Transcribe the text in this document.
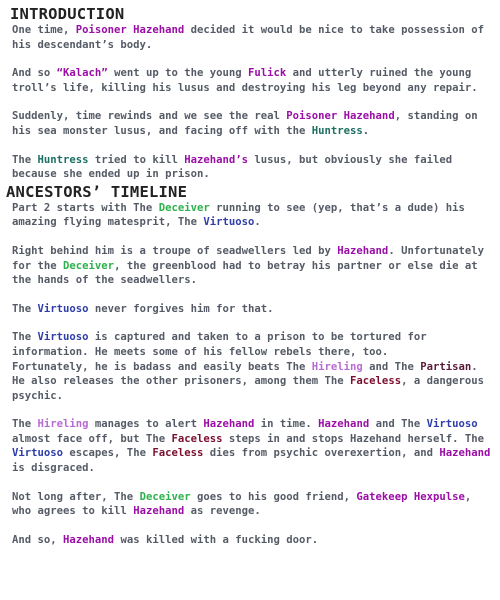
INTRODUCTION

One time, Poisoner Hazehand decided it would be nice to take possession of his descendant’s body.

And so “Kalach” went up to the young Fulick and utterly ruined the young troll’s life, killing his lusus and destroying his leg beyond any repair.

Suddenly, time rewinds and we see the real Poisoner Hazehand, standing on his sea monster lusus, and facing off with the Huntress.

The Huntress tried to kill Hazehand’s lusus, but obviously she failed because she ended up in prison.

ANCESTORS’ TIMELINE

Part 2 starts with The Deceiver running to see (yep, that’s a dude) his amazing flying matesprit, The Virtuoso.

Right behind him is a troupe of seadwellers led by Hazehand. Unfortunately for the Deceiver, the greenblood had to betray his partner or else die at the hands of the seadwellers.

The Virtuoso never forgives him for that.

The Virtuoso is captured and taken to a prison to be tortured for information. He meets some of his fellow rebels there, too.

Fortunately, he is badass and easily beats The Hireling and The Partisan. He also releases the other prisoners, among them The Faceless, a dangerous psychic.

The Hireling manages to alert Hazehand in time. Hazehand and The Virtuoso almost face off, but The Faceless steps in and stops Hazehand herself. The Virtuoso escapes, The Faceless dies from psychic overexertion, and Hazehand is disgraced.

Not long after, The Deceiver goes to his good friend, Gatekeep Hexpulse, who agrees to kill Hazehand as revenge.

And so, Hazehand was killed with a fucking door.
